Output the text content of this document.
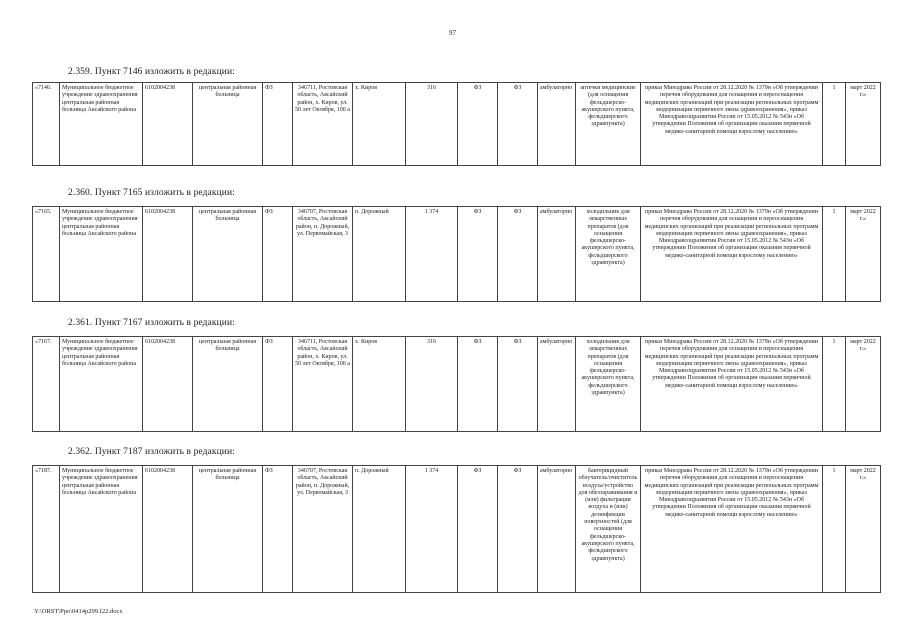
97
2.359. Пункт 7146 изложить в редакции:
«7146.	Муниципальное бюджетное учреждение здравоохранения центральная районная больница Аксайского района	6102004238	центральная районная больница	ФЗ	346711, Ростовская область, Аксайский район, х. Киров, ул. 50 лет Октября, 100 а	х. Киров	316	ФЗ	ФЗ	амбулаторно	аптечки медицинские (для оснащения фельдшерско-акушерского пункта, фельдшерского здравпункта)	приказ Минздрава России от 28.12.2020 № 1379н «Об утверждении перечня оборудования для оснащения и переоснащения медицинских организаций при реализации региональных программ модернизации первичного звена здравоохранения», приказ Минздравсоцразвития России от 15.05.2012 № 543н «Об утверждении Положения об организации оказания первичной медико-санитарной помощи взрослому населению»	1	март 2022 г.»
2.360. Пункт 7165 изложить в редакции:
«7165.	Муниципальное бюджетное учреждение здравоохранения центральная районная больница Аксайского района	6102004238	центральная районная больница	ФЗ	346707, Ростовская область, Аксайский район, п. Дорожный, ул. Первомайская, 3	п. Дорожный	1 374	ФЗ	ФЗ	амбулаторно	холодильник для лекарственных препаратов (для оснащения фельдшерско-акушерского пункта, фельдшерского здравпункта)	приказ Минздрава России от 28.12.2020 № 1379н «Об утверждении перечня оборудования для оснащения и переоснащения медицинских организаций при реализации региональных программ модернизации первичного звена здравоохранения», приказ Минздравсоцразвития России от 15.05.2012 № 543н «Об утверждении Положения об организации оказания первичной медико-санитарной помощи взрослому населению»	1	март 2022 г.»
2.361. Пункт 7167 изложить в редакции:
«7167.	Муниципальное бюджетное учреждение здравоохранения центральная районная больница Аксайского района	6102004238	центральная районная больница	ФЗ	346711, Ростовская область, Аксайский район, х. Киров, ул. 50 лет Октября, 100 а	х. Киров	316	ФЗ	ФЗ	амбулаторно	холодильник для лекарственных препаратов (для оснащения фельдшерско-акушерского пункта, фельдшерского здравпункта)	приказ Минздрава России от 28.12.2020 № 1379н «Об утверждении перечня оборудования для оснащения и переоснащения медицинских организаций при реализации региональных программ модернизации первичного звена здравоохранения», приказ Минздравсоцразвития России от 15.05.2012 № 543н «Об утверждении Положения об организации оказания первичной медико-санитарной помощи взрослому населению»	1	март 2022 г.»
2.362. Пункт 7187 изложить в редакции:
«7187.	Муниципальное бюджетное учреждение здравоохранения центральная районная больница Аксайского района	6102004238	центральная районная больница	ФЗ	346707, Ростовская область, Аксайский район, п. Дорожный, ул. Первомайская, 3	п. Дорожный	1 374	ФЗ	ФЗ	амбулаторно	бактерицидный облучатель/очиститель воздуха/устройство для обеззараживания и (или) фильтрации воздуха и (или) дезинфекции поверхностей (для оснащения фельдшерско-акушерского пункта, фельдшерского здравпункта)	приказ Минздрава России от 28.12.2020 № 1379н «Об утверждении перечня оборудования для оснащения и переоснащения медицинских организаций при реализации региональных программ модернизации первичного звена здравоохранения», приказ Минздравсоцразвития России от 15.05.2012 № 543н «Об утверждении Положения об организации оказания первичной медико-санитарной помощи взрослому населению»	1	март 2022 г.»
Y:\ORST\Ppo\0414p299.f22.docx
